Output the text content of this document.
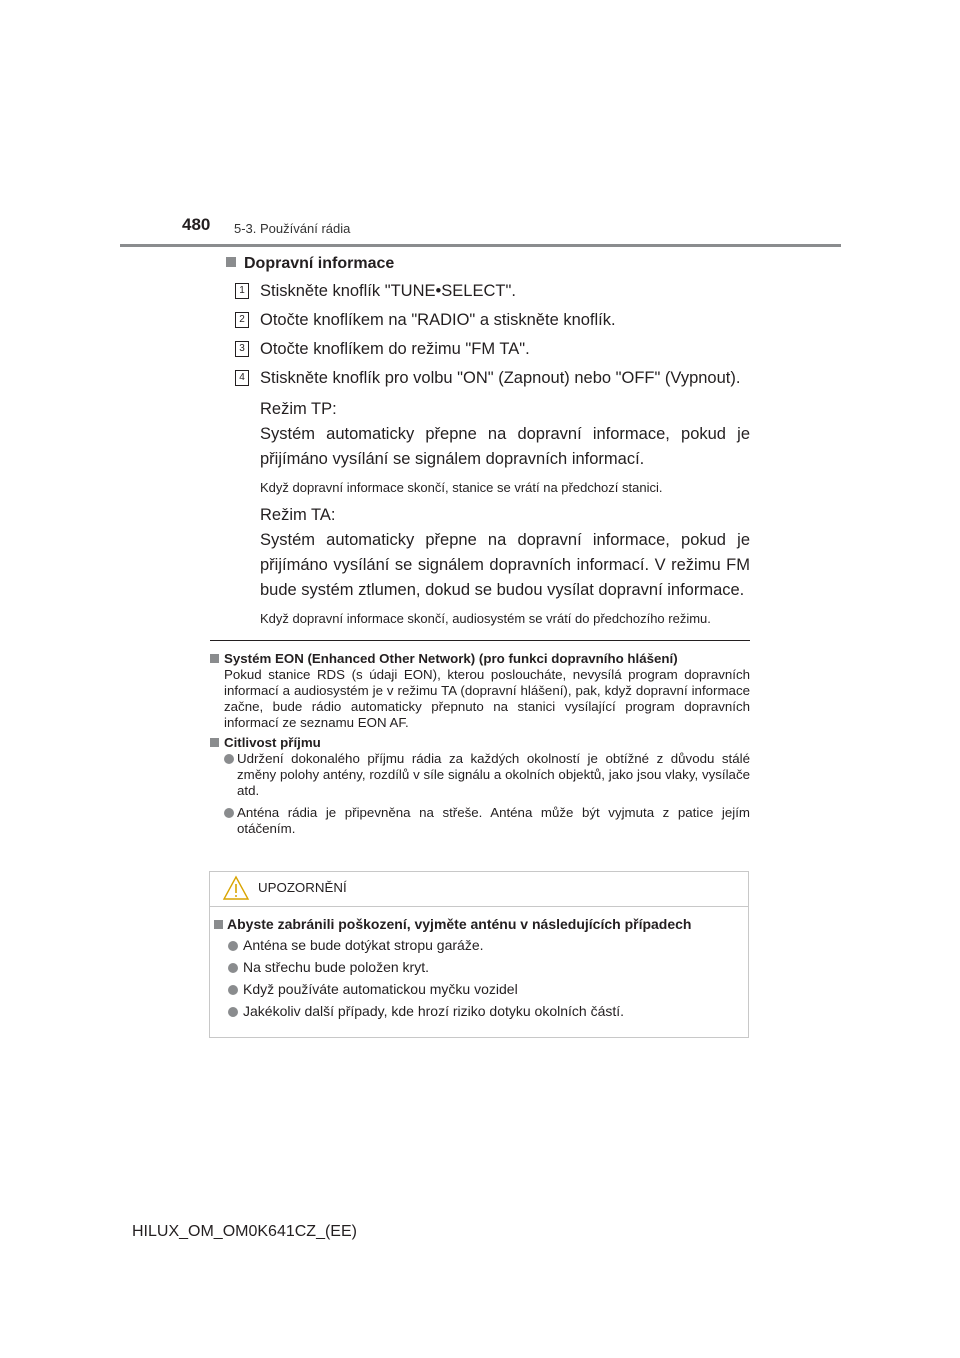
480 5-3. Používání rádia
Dopravní informace
1 Stiskněte knoflík "TUNE•SELECT".
2 Otočte knoflíkem na "RADIO" a stiskněte knoflík.
3 Otočte knoflíkem do režimu "FM TA".
4 Stiskněte knoflík pro volbu "ON" (Zapnout) nebo "OFF" (Vypnout).
Režim TP:
Systém automaticky přepne na dopravní informace, pokud je přijímáno vysílání se signálem dopravních informací.
Když dopravní informace skončí, stanice se vrátí na předchozí stanici.
Režim TA:
Systém automaticky přepne na dopravní informace, pokud je přijímáno vysílání se signálem dopravních informací. V režimu FM bude systém ztlumen, dokud se budou vysílat dopravní informace.
Když dopravní informace skončí, audiosystém se vrátí do předchozího režimu.
Systém EON (Enhanced Other Network) (pro funkci dopravního hlášení)
Pokud stanice RDS (s údaji EON), kterou posloucháte, nevysílá program dopravních informací a audiosystém je v režimu TA (dopravní hlášení), pak, když dopravní informace začne, bude rádio automaticky přepnuto na stanici vysílající program dopravních informací ze seznamu EON AF.
Citlivost příjmu
Udržení dokonalého příjmu rádia za každých okolností je obtížné z důvodu stálé změny polohy antény, rozdílů v síle signálu a okolních objektů, jako jsou vlaky, vysílače atd.
Anténa rádia je připevněna na střeše. Anténa může být vyjmuta z patice jejím otáčením.
UPOZORNĚNÍ
Abyste zabránili poškození, vyjměte anténu v následujících případech
Anténa se bude dotýkat stropu garáže.
Na střechu bude položen kryt.
Když používáte automatickou myčku vozidel
Jakékoliv další případy, kde hrozí riziko dotyku okolních částí.
HILUX_OM_OM0K641CZ_(EE)
